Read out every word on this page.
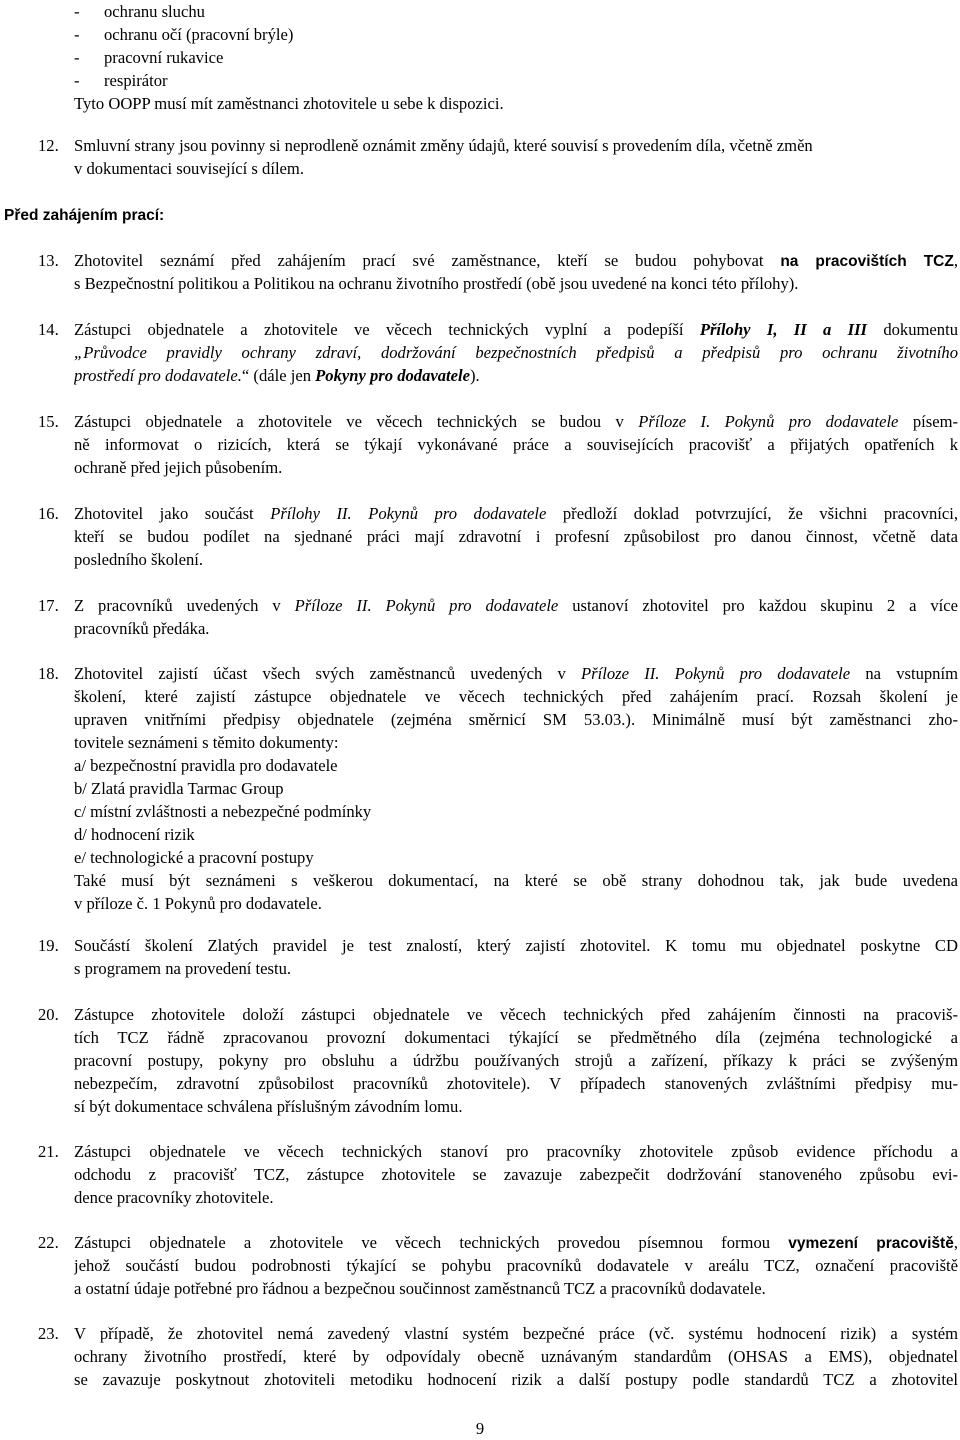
-	ochranu sluchu
-	ochranu očí (pracovní brýle)
-	pracovní rukavice
-	respirátor
Tyto OOPP musí mít zaměstnanci zhotovitele u sebe k dispozici.
12. Smluvní strany jsou povinny si neprodleně oznámit změny údajů, které souvisí s provedením díla, včetně změn
v dokumentaci související s dílem.
Před zahájením prací:
13. Zhotovitel seznámí před zahájením prací své zaměstnance, kteří se budou pohybovat na pracovištích TCZ,
s Bezpečnostní politikou a Politikou na ochranu životního prostředí (obě jsou uvedené na konci této přílohy).
14. Zástupci objednatele a zhotovitele ve věcech technických vyplní a podepíší Přílohy I, II a III dokumentu
„Průvodce pravidly ochrany zdraví, dodržování bezpečnostních předpisů a předpisů pro ochranu životního
prostředí pro dodavatele.“ (dále jen Pokyny pro dodavatele).
15. Zástupci objednatele a zhotovitele ve věcech technických se budou v Příloze I. Pokynů pro dodavatele písem-
ně informovat o rizicích, která se týkají vykonávané práce a souvisejících pracovišť a přijatých opatřeních k
ochraně před jejich působením.
16. Zhotovitel jako součást Přílohy II. Pokynů pro dodavatele předloží doklad potvrzující, že všichni pracovníci,
kteří se budou podílet na sjednané práci mají zdravotní i profesní způsobilost pro danou činnost, včetně data
posledního školení.
17. Z pracovníků uvedených v Příloze II. Pokynů pro dodavatele ustanoví zhotovitel pro každou skupinu 2 a více
pracovníků předáka.
18. Zhotovitel zajistí účast všech svých zaměstnanců uvedených v Příloze II. Pokynů pro dodavatele na vstupním
školení, které zajistí zástupce objednatele ve věcech technických před zahájením prací. Rozsah školení je
upraven vnitřními předpisy objednatele (zejména směrnicí SM 53.03.). Minimálně musí být zaměstnanci zho-
tovitele seznámeni s těmito dokumenty:
a/ bezpečnostní pravidla pro dodavatele
b/ Zlatá pravidla Tarmac Group
c/ místní zvláštnosti a nebezpečné podmínky
d/ hodnocení rizik
e/ technologické a pracovní postupy
Také musí být seznámeni s veškerou dokumentací, na které se obě strany dohodnou tak, jak bude uvedena
v příloze č. 1 Pokynů pro dodavatele.
19. Součástí školení Zlatých pravidel je test znalostí, který zajistí zhotovitel. K tomu mu objednatel poskytne CD
s programem na provedení testu.
20. Zástupce zhotovitele doloží zástupci objednatele ve věcech technických před zahájením činnosti na pracoviš-
tích TCZ řádně zpracovanou provozní dokumentaci týkající se předmětného díla (zejména technologické a
pracovní postupy, pokyny pro obsluhu a údržbu používaných strojů a zařízení, příkazy k práci se zvýšeným
nebezpečím, zdravotní způsobilost pracovníků zhotovitele). V případech stanovených zvláštními předpisy mu-
sí být dokumentace schválena příslušným závodním lomu.
21. Zástupci objednatele ve věcech technických stanoví pro pracovníky zhotovitele způsob evidence příchodu a
odchodu z pracovišť TCZ, zástupce zhotovitele se zavazuje zabezpečit dodržování stanoveného způsobu evi-
dence pracovníky zhotovitele.
22. Zástupci objednatele a zhotovitele ve věcech technických provedou písemnou formou vymezení pracoviště,
jehož součástí budou podrobnosti týkající se pohybu pracovníků dodavatele v areálu TCZ, označení pracoviště
a ostatní údaje potřebné pro řádnou a bezpečnou součinnost zaměstnanců TCZ a pracovníků dodavatele.
23. V případě, že zhotovitel nemá zavedený vlastní systém bezpečné práce (vč. systému hodnocení rizik) a systém
ochrany životního prostředí, které by odpovídaly obecně uznávaným standardům (OHSAS a EMS), objednatel
se zavazuje poskytnout zhotoviteli metodiku hodnocení rizik a další postupy podle standardů TCZ a zhotovitel
9
